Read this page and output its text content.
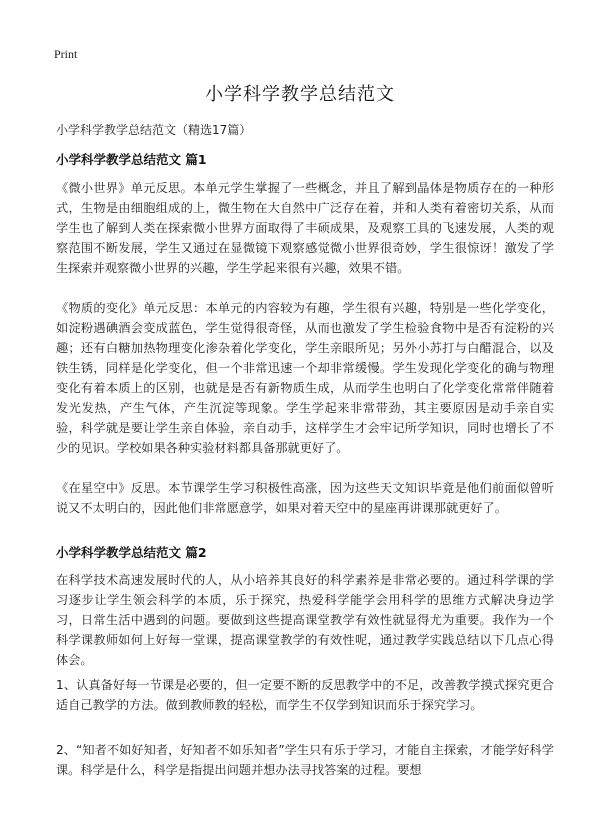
Print
小学科学教学总结范文
小学科学教学总结范文（精选17篇）
小学科学教学总结范文 篇1

《微小世界》单元反思。本单元学生掌握了一些概念，并且了解到晶体是物质存在的一种形式，生物是由细胞组成的上，微生物在大自然中广泛存在着，并和人类有着密切关系，从而学生也了解到人类在探索微小世界方面取得了丰硕成果，及观察工具的飞速发展，人类的观察范围不断发展，学生又通过在显微镜下观察感觉微小世界很奇妙，学生很惊讶！激发了学生探索并观察微小世界的兴趣，学生学起来很有兴趣，效果不错。

《物质的变化》单元反思：本单元的内容较为有趣，学生很有兴趣，特别是一些化学变化，如淀粉遇碘酒会变成蓝色，学生觉得很奇怪，从而也激发了学生检验食物中是否有淀粉的兴趣；还有白糖加热物理变化渗杂着化学变化，学生亲眼所见；另外小苏打与白醋混合，以及铁生锈，同样是化学变化，但一个非常迅速一个却非常缓慢。学生发现化学变化的确与物理变化有着本质上的区别，也就是是否有新物质生成，从而学生也明白了化学变化常常伴随着发光发热，产生气体，产生沉淀等现象。学生学起来非常带劲，其主要原因是动手亲自实验，科学就是要让学生亲自体验，亲自动手，这样学生才会牢记所学知识，同时也增长了不少的见识。学校如果各种实验材料都具备那就更好了。

《在星空中》反思。本节课学生学习积极性高涨，因为这些天文知识毕竟是他们前面似曾听说又不太明白的，因此他们非常愿意学，如果对着天空中的星座再讲课那就更好了。

小学科学教学总结范文 篇2

在科学技术高速发展时代的人，从小培养其良好的科学素养是非常必要的。通过科学课的学习逐步让学生领会科学的本质，乐于探究，热爱科学能学会用科学的思维方式解决身边学习，日常生活中遇到的问题。要做到这些提高课堂教学有效性就显得尤为重要。我作为一个科学课教师如何上好每一堂课，提高课堂教学的有效性呢，通过教学实践总结以下几点心得体会。

1、认真备好每一节课是必要的，但一定要不断的反思教学中的不足，改善教学摸式探究更合适自己教学的方法。做到教师教的轻松，而学生不仅学到知识而乐于探究学习。

2、“知者不如好知者，好知者不如乐知者”学生只有乐于学习，才能自主探索，才能学好科学课。科学是什么，科学是指提出问题并想办法寻找答案的过程。要想
